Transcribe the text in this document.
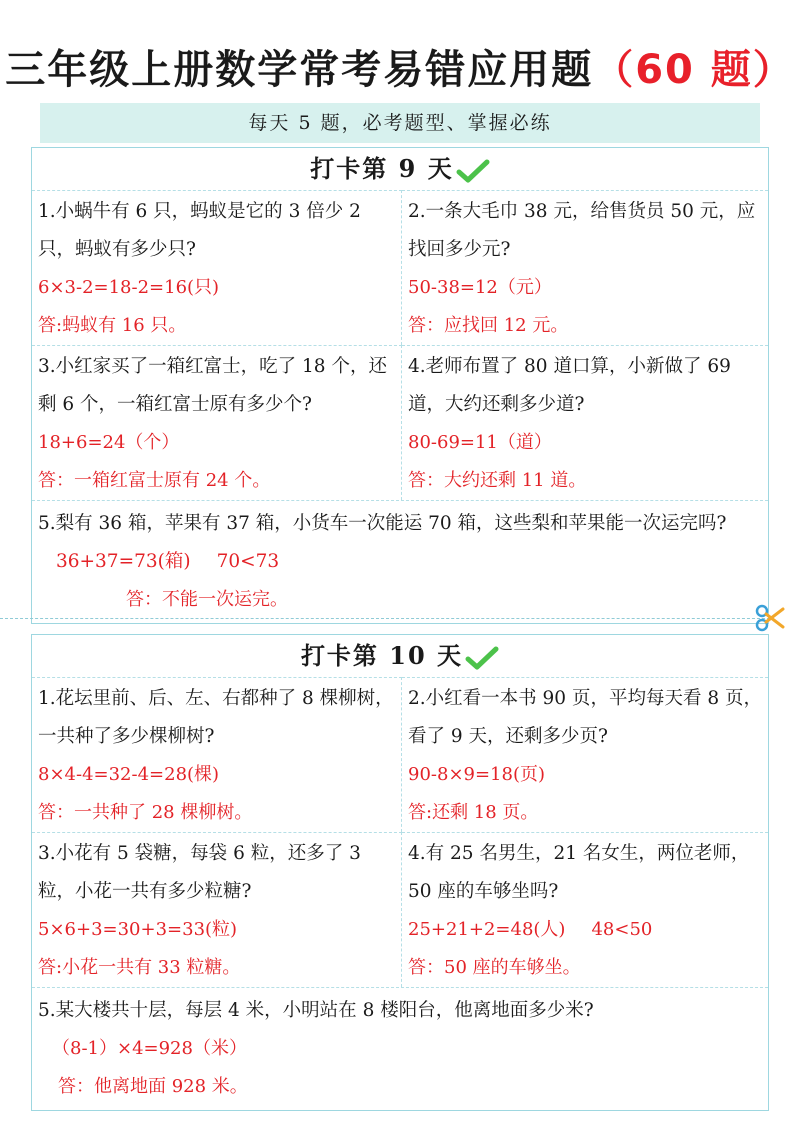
三年级上册数学常考易错应用题（60 题）
每天 5 题，必考题型、掌握必练
打卡第 9 天
1.小蜗牛有 6 只，蚂蚁是它的 3 倍少 2 只，蚂蚁有多少只?
6×3-2=18-2=16(只)
答:蚂蚁有 16 只。
2.一条大毛巾 38 元，给售货员 50 元，应找回多少元?
50-38=12（元）
答：应找回 12 元。
3.小红家买了一箱红富士，吃了 18 个，还剩 6 个，一箱红富士原有多少个?
18+6=24（个）
答：一箱红富士原有 24 个。
4.老师布置了 80 道口算，小新做了 69 道，大约还剩多少道?
80-69=11（道）
答：大约还剩 11 道。
5.梨有 36 箱，苹果有 37 箱，小货车一次能运 70 箱，这些梨和苹果能一次运完吗?36+37=73(箱) 70<73
答：不能一次运完。
打卡第 10 天
1.花坛里前、后、左、右都种了 8 棵柳树，一共种了多少棵柳树?
8×4-4=32-4=28(棵)
答：一共种了 28 棵柳树。
2.小红看一本书 90 页，平均每天看 8 页，看了 9 天，还剩多少页?
90-8×9=18(页)
答:还剩 18 页。
3.小花有 5 袋糖，每袋 6 粒，还多了 3 粒，小花一共有多少粒糖?
5×6+3=30+3=33(粒)
答:小花一共有 33 粒糖。
4.有 25 名男生，21 名女生，两位老师，50 座的车够坐吗?
25+21+2=48(人) 48<50
答：50 座的车够坐。
5.某大楼共十层，每层 4 米，小明站在 8 楼阳台，他离地面多少米?
（8-1）×4=928（米）
答：他离地面 928 米。
